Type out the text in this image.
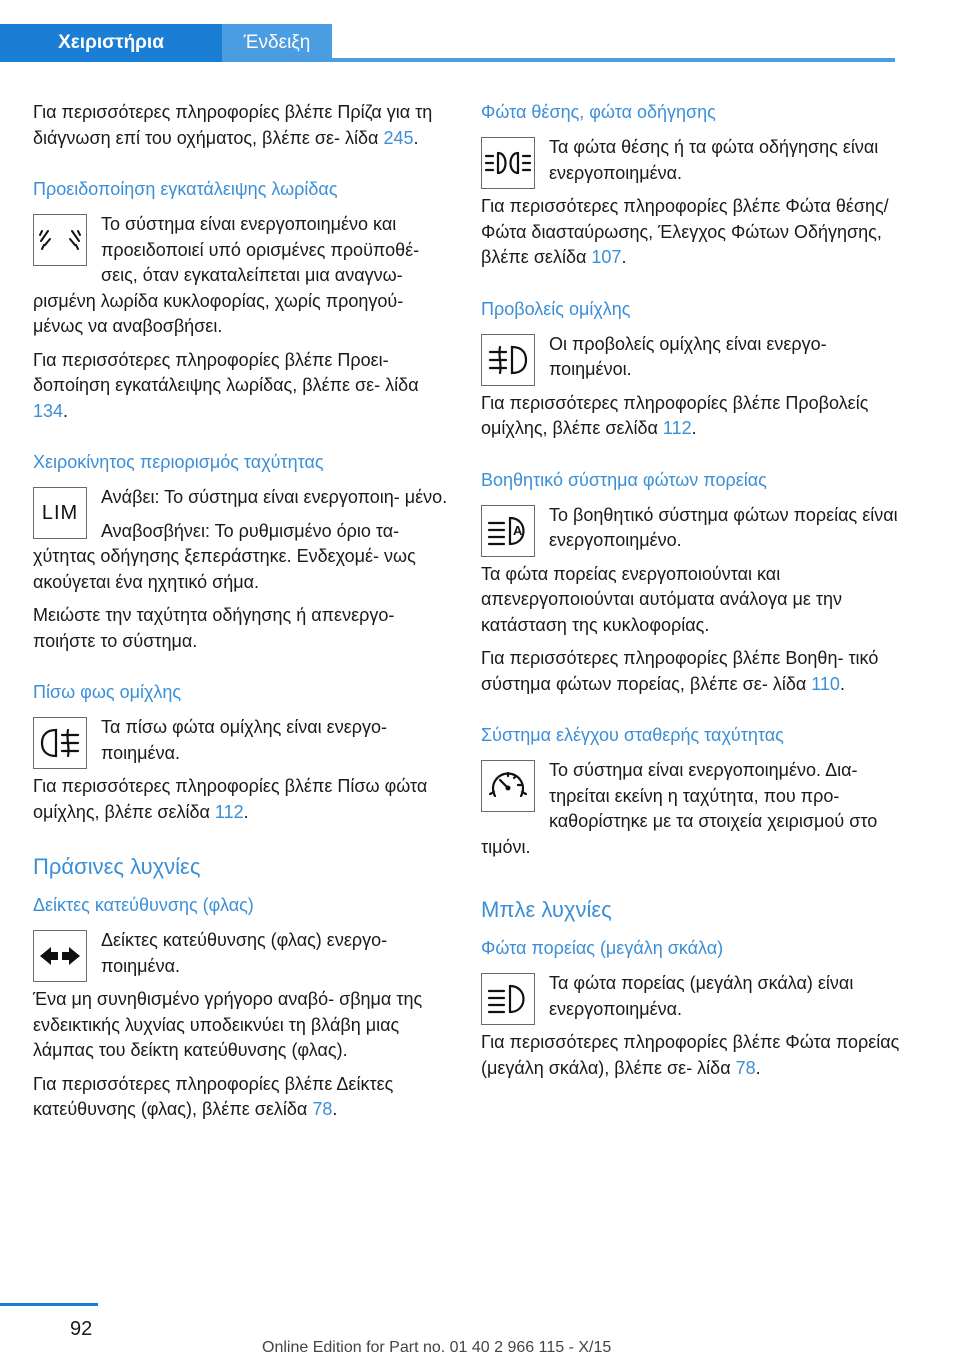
Χειριστήρια	Ένδειξη

Για περισσότερες πληροφορίες βλέπε Πρίζα για τη διάγνωση επί του οχήματος, βλέπε σε‐ λίδα 245.

Προειδοποίηση εγκατάλειψης λωρίδας

Το σύστημα είναι ενεργοποιημένο και προειδοποιεί υπό ορισμένες προϋποθέ‐ σεις, όταν εγκαταλείπεται μια αναγνω‐ ρισμένη λωρίδα κυκλοφορίας, χωρίς προηγού‐ μένως να αναβοσβήσει.

Για περισσότερες πληροφορίες βλέπε Προει‐ δοποίηση εγκατάλειψης λωρίδας, βλέπε σε‐ λίδα 134.

Χειροκίνητος περιορισμός ταχύτητας
LIM

Ανάβει: Το σύστημα είναι ενεργοποιη‐ μένο.

Αναβοσβήνει: Το ρυθμισμένο όριο τα‐ χύτητας οδήγησης ξεπεράστηκε. Ενδεχομέ‐ νως ακούγεται ένα ηχητικό σήμα.

Μειώστε την ταχύτητα οδήγησης ή απενεργο‐ ποιήστε το σύστημα.

Πίσω φως ομίχλης

Τα πίσω φώτα ομίχλης είναι ενεργο‐ ποιημένα.

Για περισσότερες πληροφορίες βλέπε Πίσω φώτα ομίχλης, βλέπε σελίδα 112.

Πράσινες λυχνίες
Δείκτες κατεύθυνσης (φλας)

Δείκτες κατεύθυνσης (φλας) ενεργο‐ ποιημένα.

Ένα μη συνηθισμένο γρήγορο αναβό‐ σβημα της ενδεικτικής λυχνίας υποδεικνύει τη βλάβη μιας λάμπας του δείκτη κατεύθυνσης (φλας).

Για περισσότερες πληροφορίες βλέπε Δείκτες κατεύθυνσης (φλας), βλέπε σελίδα 78.

Φώτα θέσης, φώτα οδήγησης

Τα φώτα θέσης ή τα φώτα οδήγησης είναι ενεργοποιημένα.

Για περισσότερες πληροφορίες βλέπε Φώτα θέσης/Φώτα διασταύρωσης, Έλεγχος Φώτων Οδήγησης, βλέπε σελίδα 107.

Προβολείς ομίχλης

Οι προβολείς ομίχλης είναι ενεργο‐ ποιημένοι.

Για περισσότερες πληροφορίες βλέπε Προβολείς ομίχλης, βλέπε σελίδα 112.

Βοηθητικό σύστημα φώτων πορείας
A

Το βοηθητικό σύστημα φώτων πορείας είναι ενεργοποιημένο.

Τα φώτα πορείας ενεργοποιούνται και απενεργοποιούνται αυτόματα ανάλογα με την κατάσταση της κυκλοφορίας.

Για περισσότερες πληροφορίες βλέπε Βοηθη‐ τικό σύστημα φώτων πορείας, βλέπε σε‐ λίδα 110.

Σύστημα ελέγχου σταθερής ταχύτητας

Το σύστημα είναι ενεργοποιημένο. Δια‐ τηρείται εκείνη η ταχύτητα, που προ‐ καθορίστηκε με τα στοιχεία χειρισμού στο τιμόνι.

Μπλε λυχνίες
Φώτα πορείας (μεγάλη σκάλα)

Τα φώτα πορείας (μεγάλη σκάλα) είναι ενεργοποιημένα.

Για περισσότερες πληροφορίες βλέπε Φώτα πορείας (μεγάλη σκάλα), βλέπε σε‐ λίδα 78.

92
Online Edition for Part no. 01 40 2 966 115 - X/15
